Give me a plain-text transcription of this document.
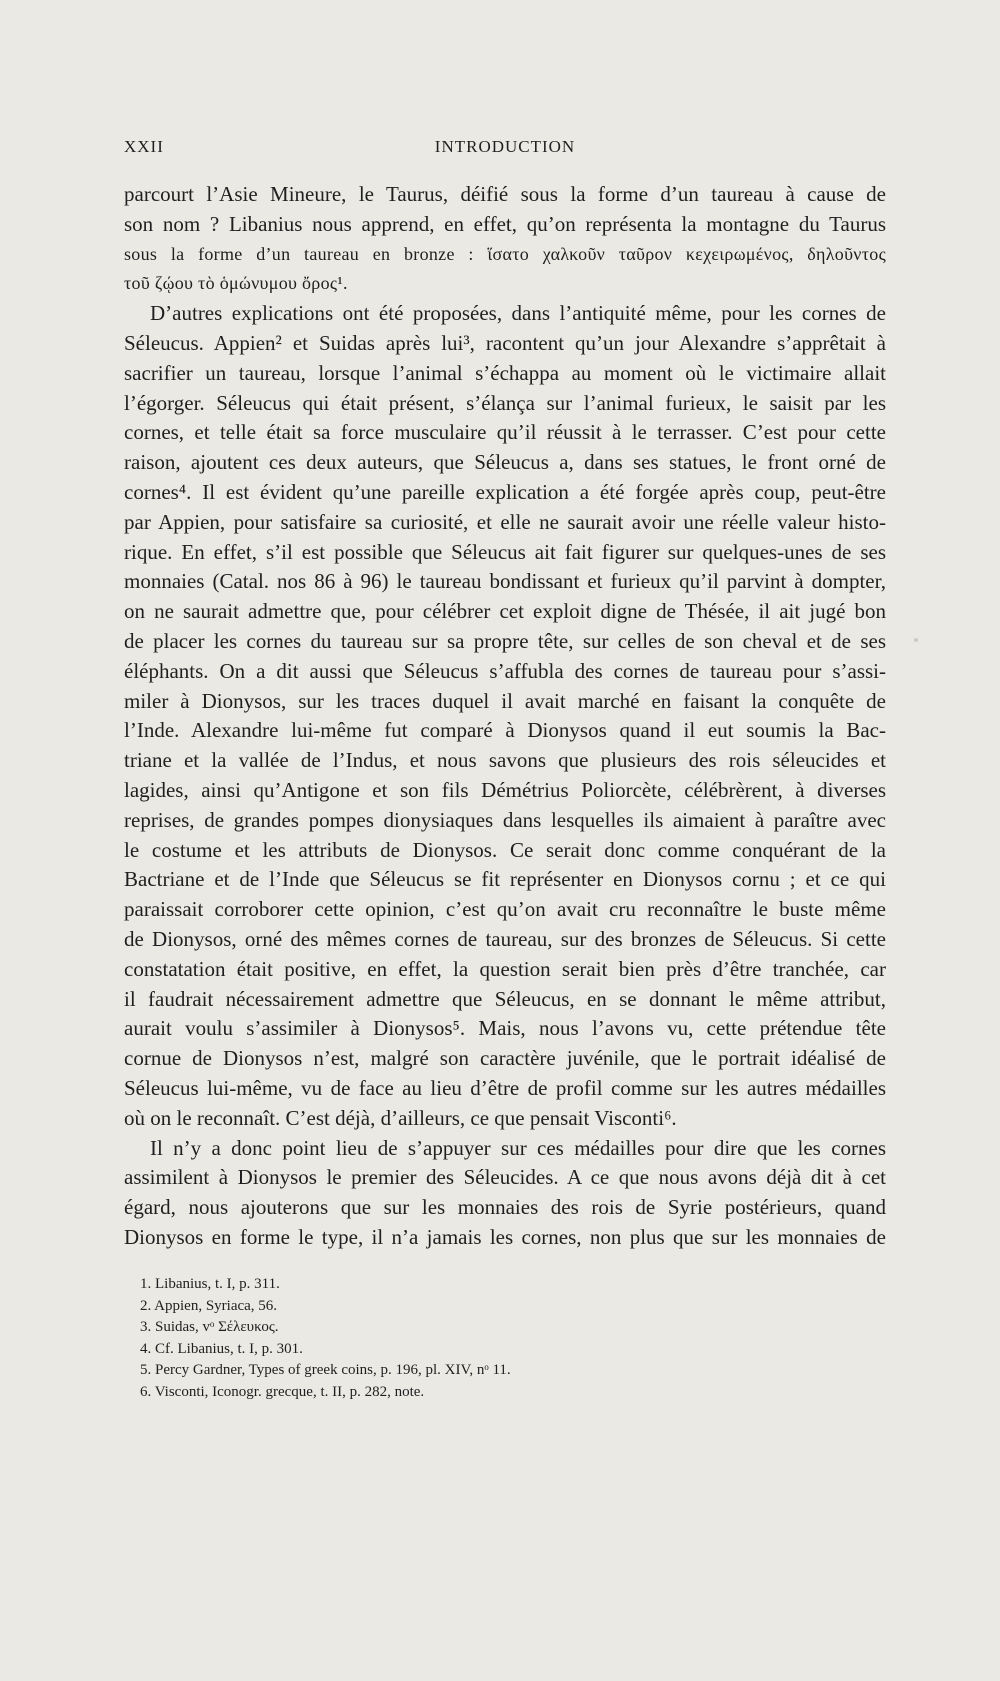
XXII	INTRODUCTION
parcourt l’Asie Mineure, le Taurus, déifié sous la forme d’un taureau à cause de
son nom ? Libanius nous apprend, en effet, qu’on représenta la montagne du Taurus
sous la forme d’un taureau en bronze : ἵσατο χαλκοῦν ταῦρον κεχειρωμένος, δηλοῦντος
τοῦ ζῴου τὸ ὁμώνυμου ὄρος¹.
D’autres explications ont été proposées, dans l’antiquité même, pour les cornes de
Séleucus. Appien² et Suidas après lui³, racontent qu’un jour Alexandre s’apprêtait à
sacrifier un taureau, lorsque l’animal s’échappa au moment où le victimaire allait
l’égorger. Séleucus qui était présent, s’élança sur l’animal furieux, le saisit par les
cornes, et telle était sa force musculaire qu’il réussit à le terrasser. C’est pour cette
raison, ajoutent ces deux auteurs, que Séleucus a, dans ses statues, le front orné de
cornes⁴. Il est évident qu’une pareille explication a été forgée après coup, peut-être
par Appien, pour satisfaire sa curiosité, et elle ne saurait avoir une réelle valeur histo-
rique. En effet, s’il est possible que Séleucus ait fait figurer sur quelques-unes de ses
monnaies (Catal. nos 86 à 96) le taureau bondissant et furieux qu’il parvint à dompter,
on ne saurait admettre que, pour célébrer cet exploit digne de Thésée, il ait jugé bon
de placer les cornes du taureau sur sa propre tête, sur celles de son cheval et de ses
éléphants. On a dit aussi que Séleucus s’affubla des cornes de taureau pour s’assi-
miler à Dionysos, sur les traces duquel il avait marché en faisant la conquête de
l’Inde. Alexandre lui-même fut comparé à Dionysos quand il eut soumis la Bac-
triane et la vallée de l’Indus, et nous savons que plusieurs des rois séleucides et
lagides, ainsi qu’Antigone et son fils Démétrius Poliorcète, célébrèrent, à diverses
reprises, de grandes pompes dionysiaques dans lesquelles ils aimaient à paraître avec
le costume et les attributs de Dionysos. Ce serait donc comme conquérant de la
Bactriane et de l’Inde que Séleucus se fit représenter en Dionysos cornu ; et ce qui
paraissait corroborer cette opinion, c’est qu’on avait cru reconnaître le buste même
de Dionysos, orné des mêmes cornes de taureau, sur des bronzes de Séleucus. Si cette
constatation était positive, en effet, la question serait bien près d’être tranchée, car
il faudrait nécessairement admettre que Séleucus, en se donnant le même attribut,
aurait voulu s’assimiler à Dionysos⁵. Mais, nous l’avons vu, cette prétendue tête
cornue de Dionysos n’est, malgré son caractère juvénile, que le portrait idéalisé de
Séleucus lui-même, vu de face au lieu d’être de profil comme sur les autres médailles
où on le reconnaît. C’est déjà, d’ailleurs, ce que pensait Visconti⁶.
Il n’y a donc point lieu de s’appuyer sur ces médailles pour dire que les cornes
assimilent à Dionysos le premier des Séleucides. A ce que nous avons déjà dit à cet
égard, nous ajouterons que sur les monnaies des rois de Syrie postérieurs, quand
Dionysos en forme le type, il n’a jamais les cornes, non plus que sur les monnaies de
1. Libanius, t. I, p. 311.
2. Appien, Syriaca, 56.
3. Suidas, vᵒ Σέλευκος.
4. Cf. Libanius, t. I, p. 301.
5. Percy Gardner, Types of greek coins, p. 196, pl. XIV, nᵒ 11.
6. Visconti, Iconogr. grecque, t. II, p. 282, note.
